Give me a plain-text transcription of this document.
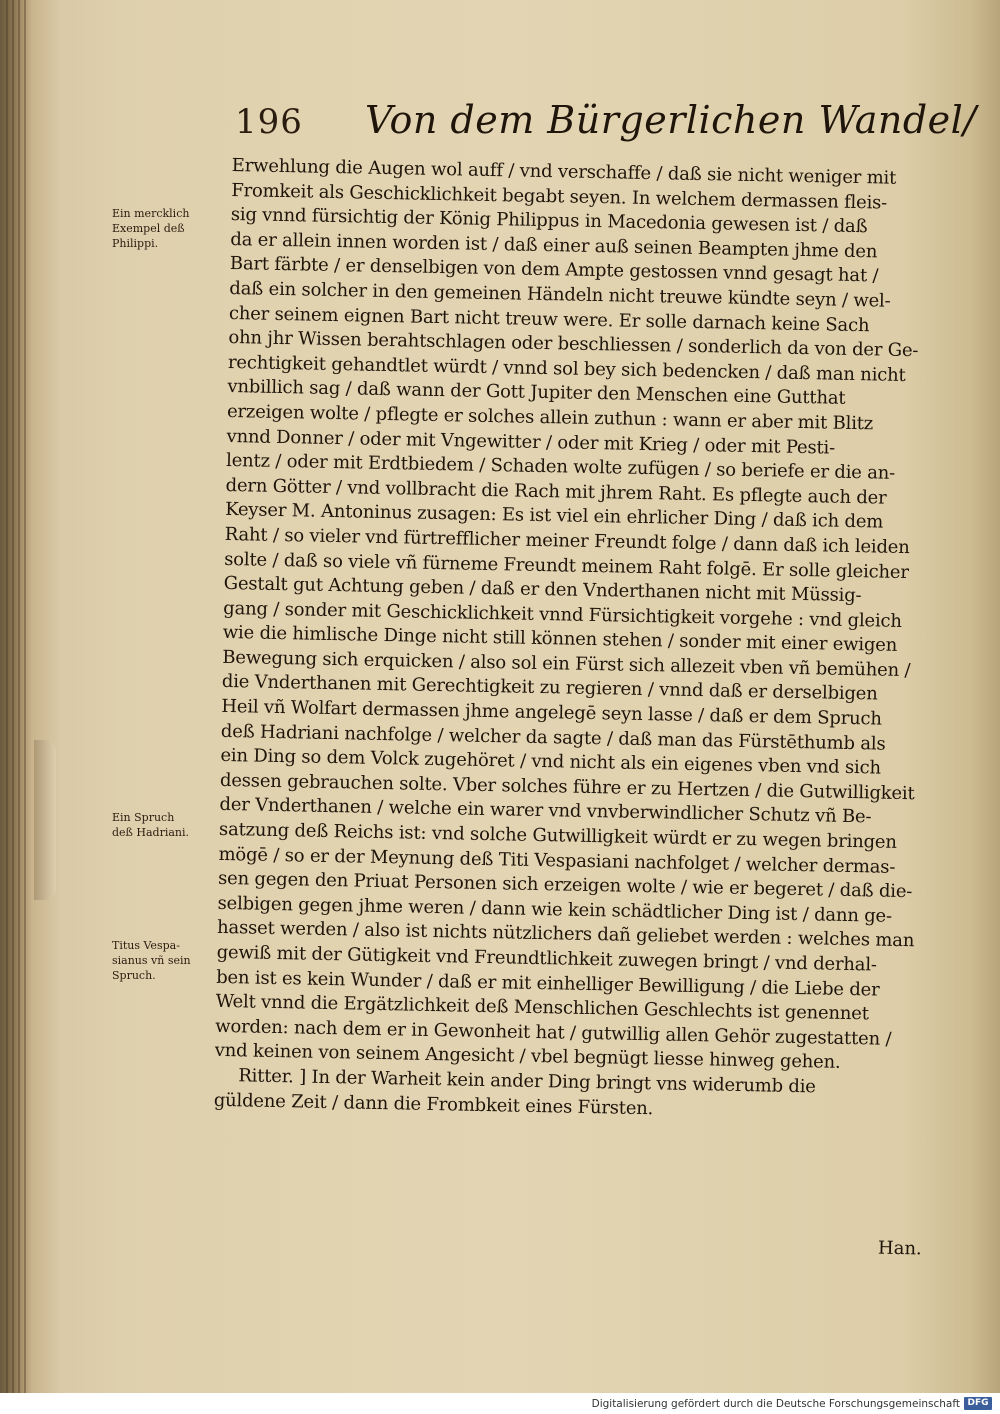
196 Von dem Bürgerlichen Wandel/
Ein mercklich
Exempel deß
Philippi.
Ein Spruch
deß Hadriani.
Titus Vespa-
sianus vñ sein
Spruch.
Erwehlung die Augen wol auff / vnd verschaffe / daß sie nicht weniger mit
Fromkeit als Geschicklichkeit begabt seyen. In welchem dermassen fleis-
sig vnnd fürsichtig der König Philippus in Macedonia gewesen ist / daß
da er allein innen worden ist / daß einer auß seinen Beampten jhme den
Bart färbte / er denselbigen von dem Ampte gestossen vnnd gesagt hat /
daß ein solcher in den gemeinen Händeln nicht treuwe kündte seyn / wel-
cher seinem eignen Bart nicht treuw were. Er solle darnach keine Sach
ohn jhr Wissen berahtschlagen oder beschliessen / sonderlich da von der Ge-
rechtigkeit gehandtlet würdt / vnnd sol bey sich bedencken / daß man nicht
vnbillich sag / daß wann der Gott Jupiter den Menschen eine Gutthat
erzeigen wolte / pflegte er solches allein zuthun : wann er aber mit Blitz
vnnd Donner / oder mit Vngewitter / oder mit Krieg / oder mit Pesti-
lentz / oder mit Erdtbiedem / Schaden wolte zufügen / so beriefe er die an-
dern Götter / vnd vollbracht die Rach mit jhrem Raht. Es pflegte auch der
Keyser M. Antoninus zusagen: Es ist viel ein ehrlicher Ding / daß ich dem
Raht / so vieler vnd fürtrefflicher meiner Freundt folge / dann daß ich leiden
solte / daß so viele vñ fürneme Freundt meinem Raht folgē. Er solle gleicher
Gestalt gut Achtung geben / daß er den Vnderthanen nicht mit Müssig-
gang / sonder mit Geschicklichkeit vnnd Fürsichtigkeit vorgehe : vnd gleich
wie die himlische Dinge nicht still können stehen / sonder mit einer ewigen
Bewegung sich erquicken / also sol ein Fürst sich allezeit vben vñ bemühen /
die Vnderthanen mit Gerechtigkeit zu regieren / vnnd daß er derselbigen
Heil vñ Wolfart dermassen jhme angelegē seyn lasse / daß er dem Spruch
deß Hadriani nachfolge / welcher da sagte / daß man das Fürstēthumb als
ein Ding so dem Volck zugehöret / vnd nicht als ein eigenes vben vnd sich
dessen gebrauchen solte. Vber solches führe er zu Hertzen / die Gutwilligkeit
der Vnderthanen / welche ein warer vnd vnvberwindlicher Schutz vñ Be-
satzung deß Reichs ist: vnd solche Gutwilligkeit würdt er zu wegen bringen
mögē / so er der Meynung deß Titi Vespasiani nachfolget / welcher dermas-
sen gegen den Priuat Personen sich erzeigen wolte / wie er begeret / daß die-
selbigen gegen jhme weren / dann wie kein schädtlicher Ding ist / dann ge-
hasset werden / also ist nichts nützlichers dañ geliebet werden : welches man
gewiß mit der Gütigkeit vnd Freundtlichkeit zuwegen bringt / vnd derhal-
ben ist es kein Wunder / daß er mit einhelliger Bewilligung / die Liebe der
Welt vnnd die Ergätzlichkeit deß Menschlichen Geschlechts ist genennet
worden: nach dem er in Gewonheit hat / gutwillig allen Gehör zugestatten /
vnd keinen von seinem Angesicht / vbel begnügt liesse hinweg gehen.
Ritter. ] In der Warheit kein ander Ding bringt vns widerumb die
güldene Zeit / dann die Frombkeit eines Fürsten.
Han.
Digitalisierung gefördert durch die Deutsche Forschungsgemeinschaft DFG
